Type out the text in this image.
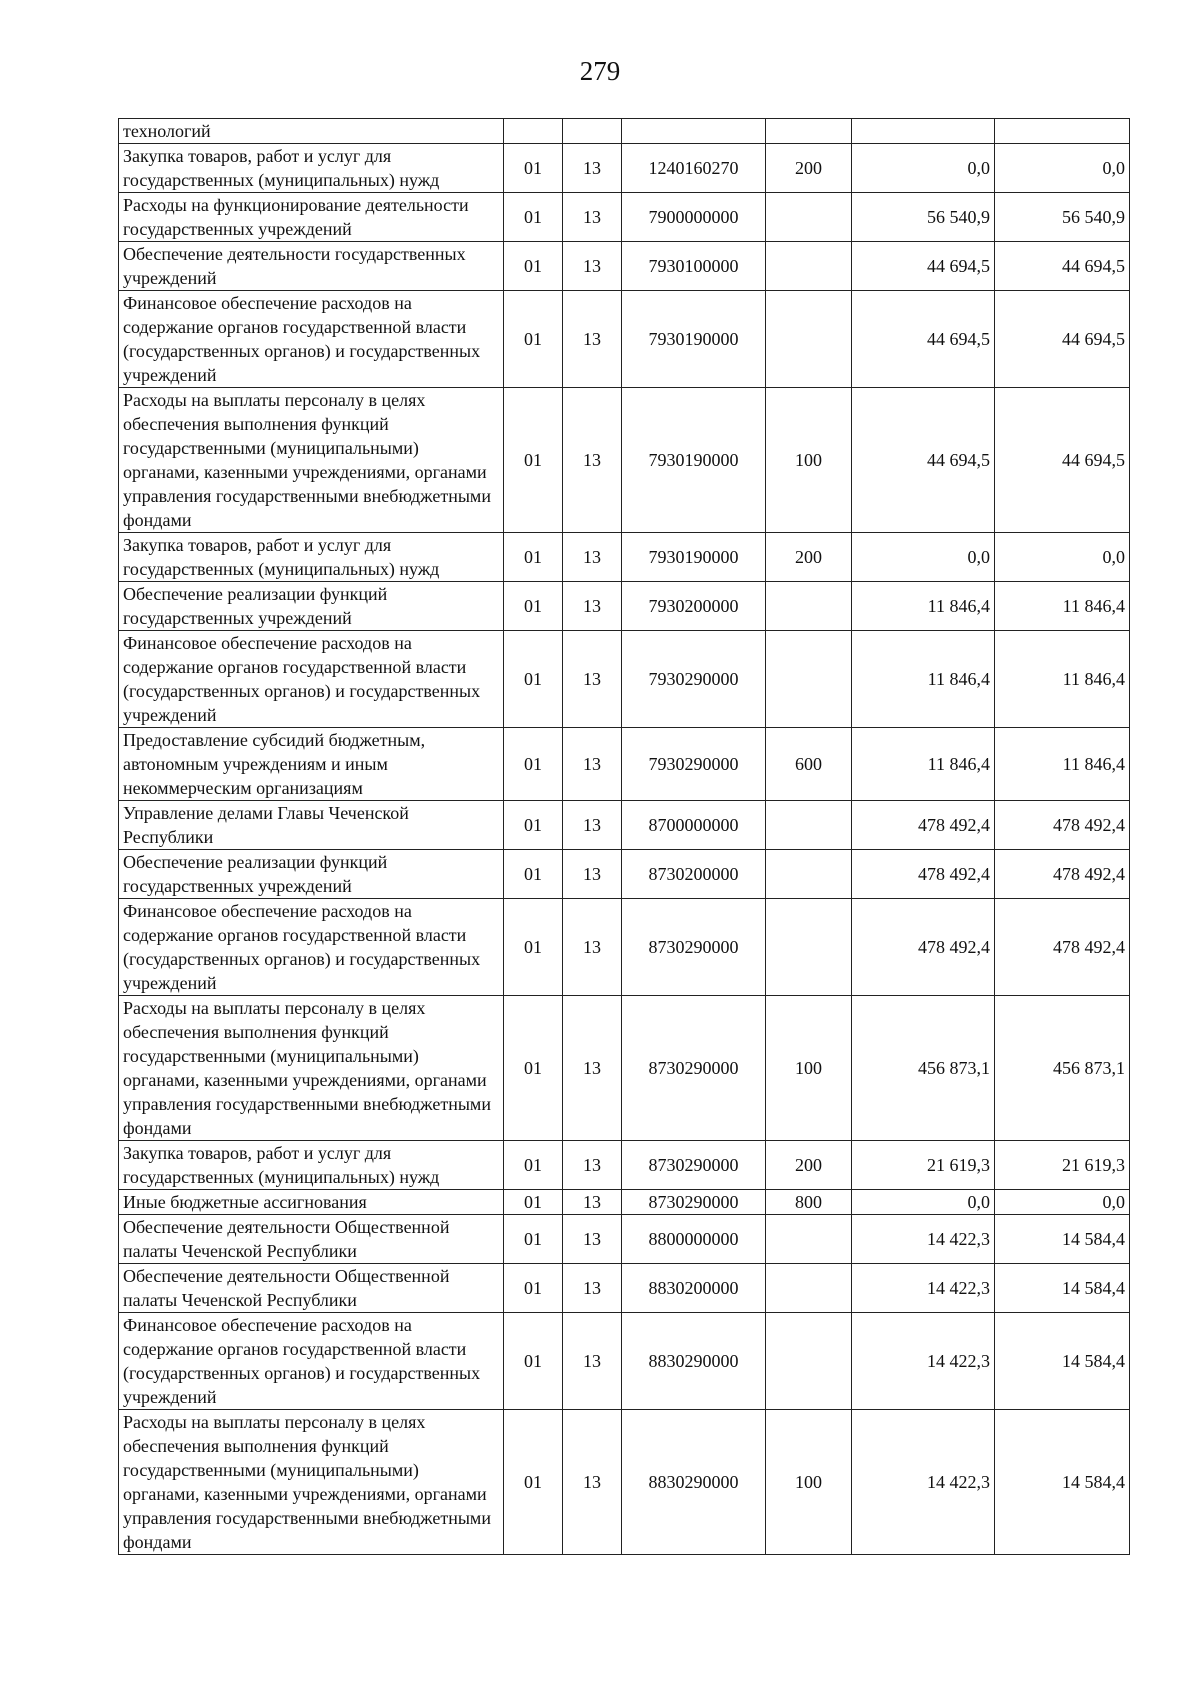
279
технологий						
Закупка товаров, работ и услуг для государственных (муниципальных) нужд	01	13	1240160270	200	0,0	0,0
Расходы на функционирование деятельности государственных учреждений	01	13	7900000000		56 540,9	56 540,9
Обеспечение деятельности государственных учреждений	01	13	7930100000		44 694,5	44 694,5
Финансовое обеспечение расходов на содержание органов государственной власти (государственных органов) и государственных учреждений	01	13	7930190000		44 694,5	44 694,5
Расходы на выплаты персоналу в целях обеспечения выполнения функций государственными (муниципальными) органами, казенными учреждениями, органами управления государственными внебюджетными фондами	01	13	7930190000	100	44 694,5	44 694,5
Закупка товаров, работ и услуг для государственных (муниципальных) нужд	01	13	7930190000	200	0,0	0,0
Обеспечение реализации функций государственных учреждений	01	13	7930200000		11 846,4	11 846,4
Финансовое обеспечение расходов на содержание органов государственной власти (государственных органов) и государственных учреждений	01	13	7930290000		11 846,4	11 846,4
Предоставление субсидий бюджетным, автономным учреждениям и иным некоммерческим организациям	01	13	7930290000	600	11 846,4	11 846,4
Управление делами Главы Чеченской Республики	01	13	8700000000		478 492,4	478 492,4
Обеспечение реализации функций государственных учреждений	01	13	8730200000		478 492,4	478 492,4
Финансовое обеспечение расходов на содержание органов государственной власти (государственных органов) и государственных учреждений	01	13	8730290000		478 492,4	478 492,4
Расходы на выплаты персоналу в целях обеспечения выполнения функций государственными (муниципальными) органами, казенными учреждениями, органами управления государственными внебюджетными фондами	01	13	8730290000	100	456 873,1	456 873,1
Закупка товаров, работ и услуг для государственных (муниципальных) нужд	01	13	8730290000	200	21 619,3	21 619,3
Иные бюджетные ассигнования	01	13	8730290000	800	0,0	0,0
Обеспечение деятельности Общественной палаты Чеченской Республики	01	13	8800000000		14 422,3	14 584,4
Обеспечение деятельности Общественной палаты Чеченской Республики	01	13	8830200000		14 422,3	14 584,4
Финансовое обеспечение расходов на содержание органов государственной власти (государственных органов) и государственных учреждений	01	13	8830290000		14 422,3	14 584,4
Расходы на выплаты персоналу в целях обеспечения выполнения функций государственными (муниципальными) органами, казенными учреждениями, органами управления государственными внебюджетными фондами	01	13	8830290000	100	14 422,3	14 584,4
